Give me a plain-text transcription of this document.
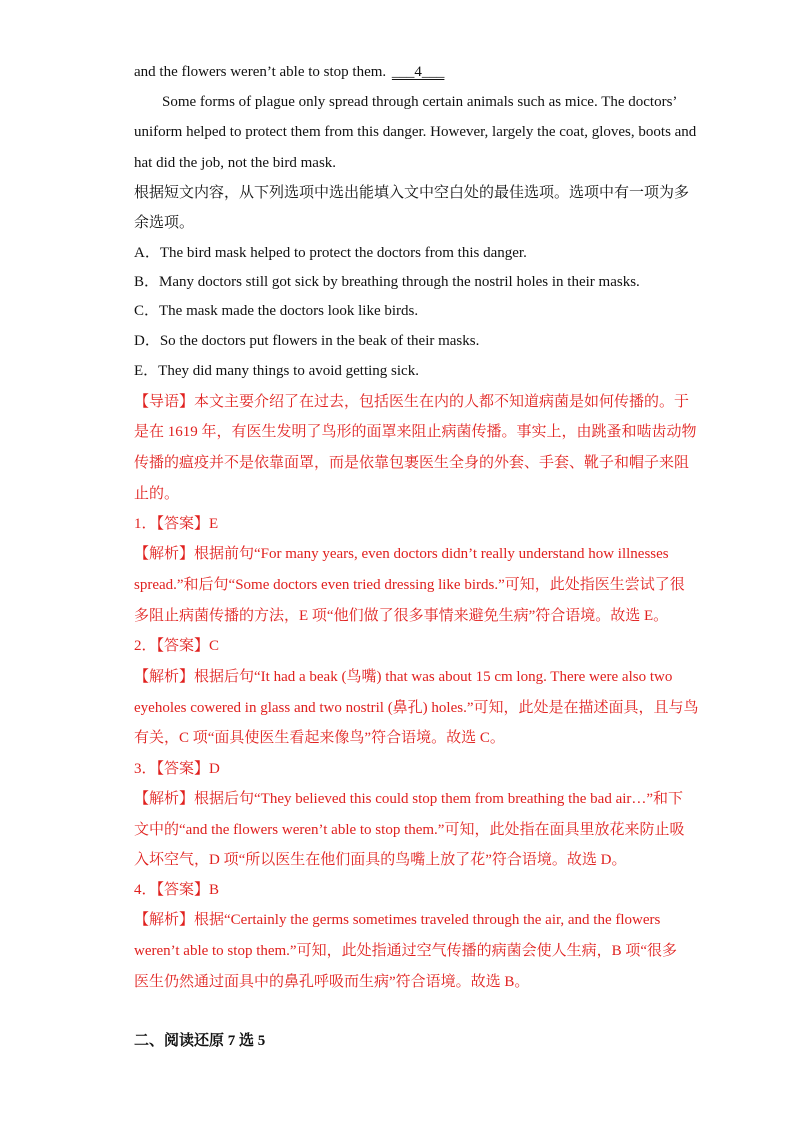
and the flowers weren’t able to stop them. ___4___
Some forms of plague only spread through certain animals such as mice. The doctors’
uniform helped to protect them from this danger. However, largely the coat, gloves, boots and
hat did the job, not the bird mask.
根据短文内容，从下列选项中选出能填入文中空白处的最佳选项。选项中有一项为多
余选项。
A．The bird mask helped to protect the doctors from this danger.
B．Many doctors still got sick by breathing through the nostril holes in their masks.
C．The mask made the doctors look like birds.
D．So the doctors put flowers in the beak of their masks.
E．They did many things to avoid getting sick.
【导语】本文主要介绍了在过去，包括医生在内的人都不知道病菌是如何传播的。于
是在 1619 年，有医生发明了鸟形的面罩来阻止病菌传播。事实上，由跳蚤和啮齿动物
传播的瘟疫并不是依靠面罩，而是依靠包裹医生全身的外套、手套、靴子和帽子来阻
止的。
1．【答案】E
【解析】根据前句“For many years, even doctors didn’t really understand how illnesses
spread.”和后句“Some doctors even tried dressing like birds.”可知，此处指医生尝试了很
多阻止病菌传播的方法，E 项“他们做了很多事情来避免生病”符合语境。故选 E。
2．【答案】C
【解析】根据后句“It had a beak (鸟嘴) that was about 15 cm long. There were also two
eyeholes cowered in glass and two nostril (鼻孔) holes.”可知，此处是在描述面具，且与鸟
有关，C 项“面具使医生看起来像鸟”符合语境。故选 C。
3．【答案】D
【解析】根据后句“They believed this could stop them from breathing the bad air…”和下
文中的“and the flowers weren’t able to stop them.”可知，此处指在面具里放花来防止吸
入坏空气，D 项“所以医生在他们面具的鸟嘴上放了花”符合语境。故选 D。
4．【答案】B
【解析】根据“Certainly the germs sometimes traveled through the air, and the flowers
weren’t able to stop them.”可知，此处指通过空气传播的病菌会使人生病，B 项“很多
医生仍然通过面具中的鼻孔呼吸而生病”符合语境。故选 B。
二、阅读还原 7 选 5
